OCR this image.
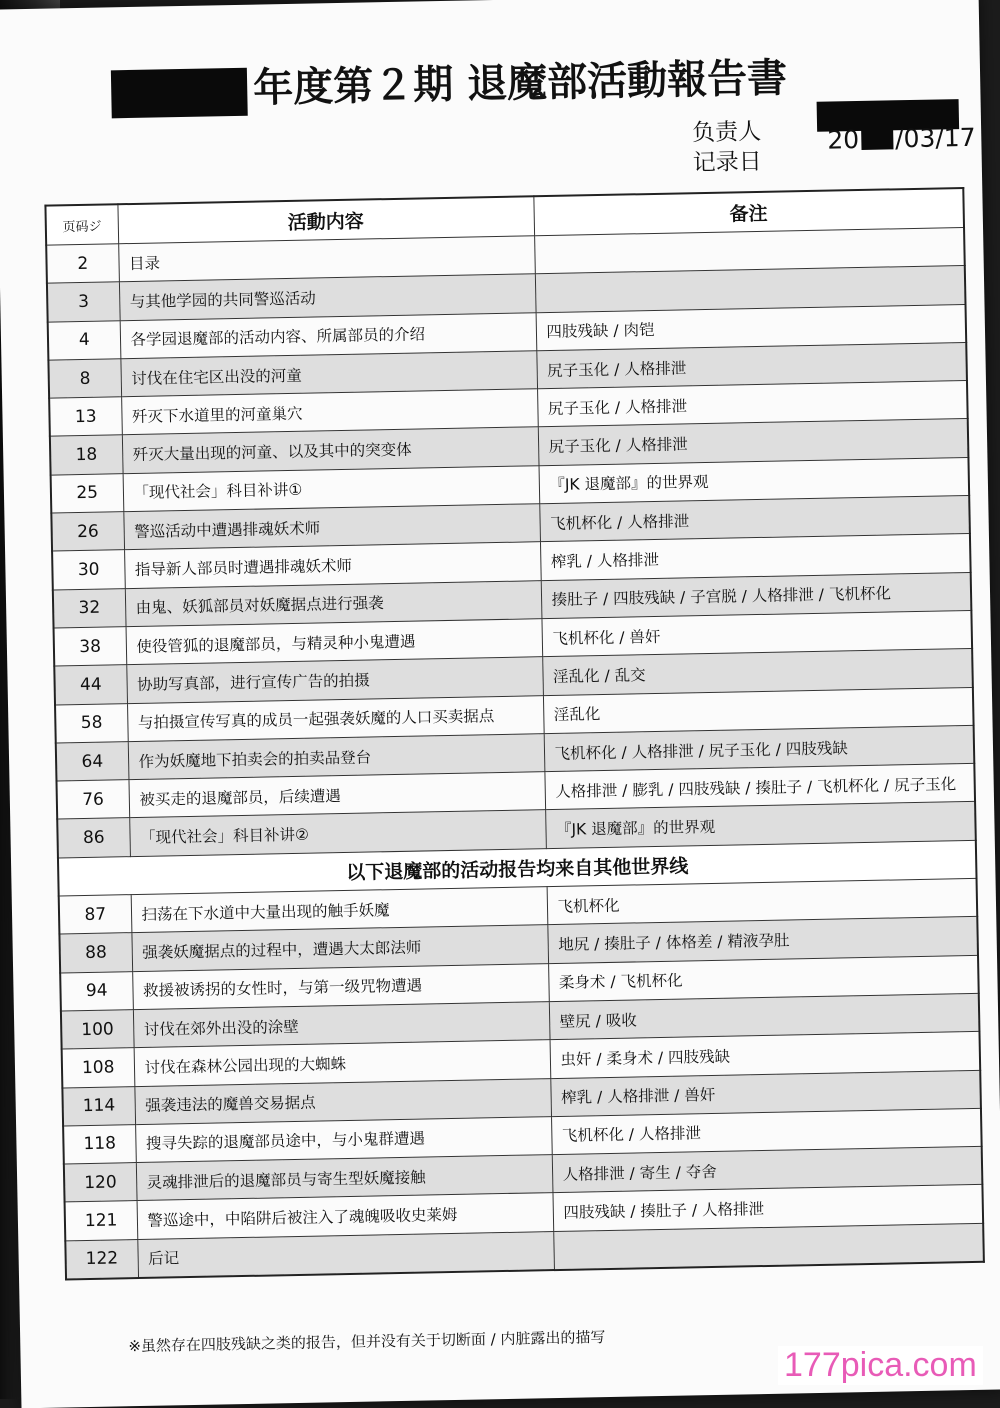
年度第２期 退魔部活動報告書
负责人
记录日
20 /03/17
页码ジ	活動内容	备注
2	目录	
3	与其他学园的共同警巡活动	
4	各学园退魔部的活动内容、所属部员的介绍	四肢残缺 / 肉铠
8	讨伐在住宅区出没的河童	尻子玉化 / 人格排泄
13	歼灭下水道里的河童巢穴	尻子玉化 / 人格排泄
18	歼灭大量出现的河童、以及其中的突变体	尻子玉化 / 人格排泄
25	「现代社会」科目补讲①	『JK 退魔部』的世界观
26	警巡活动中遭遇排魂妖术师	飞机杯化 / 人格排泄
30	指导新人部员时遭遇排魂妖术师	榨乳 / 人格排泄
32	由鬼、妖狐部员对妖魔据点进行强袭	揍肚子 / 四肢残缺 / 子宫脱 / 人格排泄 / 飞机杯化
38	使役管狐的退魔部员，与精灵种小鬼遭遇	飞机杯化 / 兽奸
44	协助写真部，进行宣传广告的拍摄	淫乱化 / 乱交
58	与拍摄宣传写真的成员一起强袭妖魔的人口买卖据点	淫乱化
64	作为妖魔地下拍卖会的拍卖品登台	飞机杯化 / 人格排泄 / 尻子玉化 / 四肢残缺
76	被买走的退魔部员，后续遭遇	人格排泄 / 膨乳 / 四肢残缺 / 揍肚子 / 飞机杯化 / 尻子玉化
86	「现代社会」科目补讲②	『JK 退魔部』的世界观
以下退魔部的活动报告均来自其他世界线		
87	扫荡在下水道中大量出现的触手妖魔	飞机杯化
88	强袭妖魔据点的过程中，遭遇大太郎法师	地尻 / 揍肚子 / 体格差 / 精液孕肚
94	救援被诱拐的女性时，与第一级咒物遭遇	柔身术 / 飞机杯化
100	讨伐在郊外出没的涂壁	壁尻 / 吸收
108	讨伐在森林公园出现的大蜘蛛	虫奸 / 柔身术 / 四肢残缺
114	强袭违法的魔兽交易据点	榨乳 / 人格排泄 / 兽奸
118	搜寻失踪的退魔部员途中，与小鬼群遭遇	飞机杯化 / 人格排泄
120	灵魂排泄后的退魔部员与寄生型妖魔接触	人格排泄 / 寄生 / 夺舍
121	警巡途中，中陷阱后被注入了魂魄吸收史莱姆	四肢残缺 / 揍肚子 / 人格排泄
122	后记	
※虽然存在四肢残缺之类的报告，但并没有关于切断面 / 内脏露出的描写
177pica.com
